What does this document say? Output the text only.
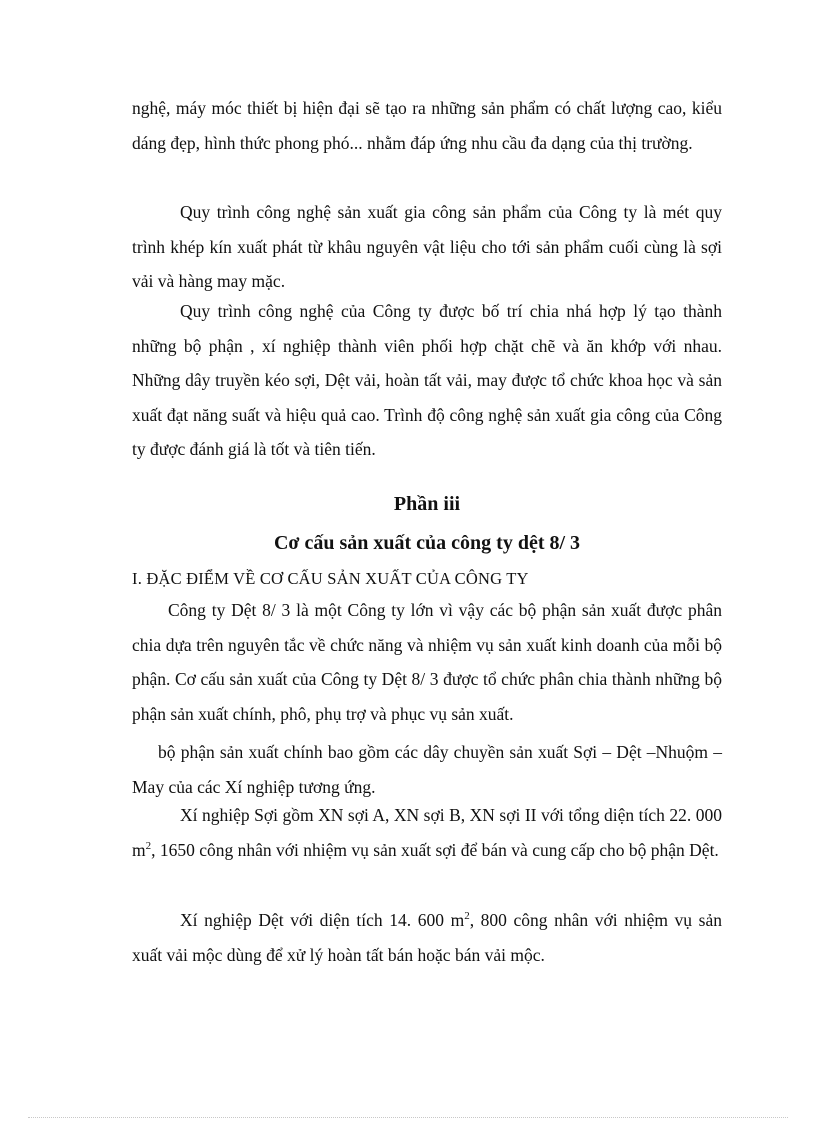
nghệ, máy móc thiết bị hiện đại sẽ tạo ra những sản phẩm có chất lượng cao, kiểu dáng đẹp, hình thức phong phó... nhằm đáp ứng nhu cầu đa dạng của thị trường.

Quy trình công nghệ sản xuất gia công sản phẩm của Công ty là mét quy trình khép kín xuất phát từ khâu nguyên vật liệu cho tới sản phẩm cuối cùng là sợi vải và hàng may mặc.

Quy trình công nghệ của Công ty được bố trí chia nhá hợp lý tạo thành những bộ phận , xí nghiệp thành viên phối hợp chặt chẽ và ăn khớp với nhau. Những dây truyền kéo sợi, Dệt vải, hoàn tất vải, may được tổ chức khoa học và sản xuất đạt năng suất và hiệu quả cao. Trình độ công nghệ sản xuất gia công của Công ty được đánh giá là tốt và tiên tiến.

Phần iii
Cơ cấu sản xuất của công ty dệt 8/ 3
I. ĐẶC ĐIỂM VỀ CƠ CẤU SẢN XUẤT CỦA CÔNG TY

Công ty Dệt 8/ 3 là một Công ty lớn vì vậy các bộ phận sản xuất được phân chia dựa trên nguyên tắc về chức năng và nhiệm vụ sản xuất kinh doanh của mỗi bộ phận. Cơ cấu sản xuất của Công ty Dệt 8/ 3 được tổ chức phân chia thành những bộ phận sản xuất chính, phô, phụ trợ và phục vụ sản xuất.

bộ phận sản xuất chính bao gồm các dây chuyền sản xuất Sợi – Dệt –Nhuộm – May của các Xí nghiệp tương ứng.

Xí nghiệp Sợi gồm XN sợi A, XN sợi B, XN sợi II với tổng diện tích 22. 000 $m^2$, 1650 công nhân với nhiệm vụ sản xuất sợi để bán và cung cấp cho bộ phận Dệt.

Xí nghiệp Dệt với diện tích 14. 600 $m^2$, 800 công nhân với nhiệm vụ sản xuất vải mộc dùng để xử lý hoàn tất bán hoặc bán vải mộc.
